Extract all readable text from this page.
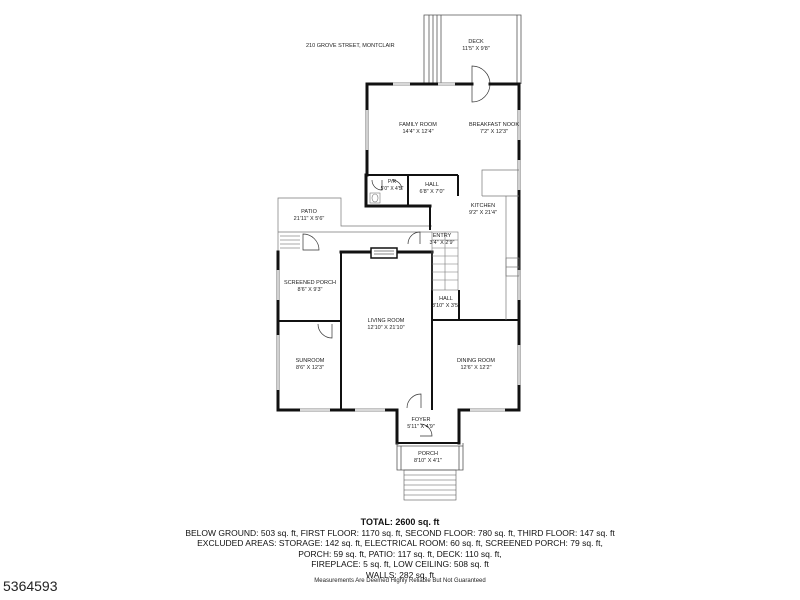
210 GROVE STREET, MONTCLAIR
DECK
11'5" X 9'8"
FAMILY ROOM
14'4" X 12'4"
BREAKFAST NOOK
7'2" X 12'3"
P/R
5'0" X 4'5"
HALL
6'8" X 7'0"
PATIO
21'11" X 5'6"
KITCHEN
9'2" X 21'4"
ENTRY
3'4" X 2'9"
SCREENED PORCH
8'6" X 9'3"
HALL
3'10" X 3'5"
LIVING ROOM
12'10" X 21'10"
SUNROOM
8'6" X 12'3"
DINING ROOM
12'6" X 12'2"
FOYER
5'11" X 4'9"
PORCH
8'10" X 4'1"
TOTAL: 2600 sq. ft
BELOW GROUND: 503 sq. ft, FIRST FLOOR: 1170 sq. ft, SECOND FLOOR: 780 sq. ft, THIRD FLOOR: 147 sq. ft
EXCLUDED AREAS: STORAGE: 142 sq. ft, ELECTRICAL ROOM: 60 sq. ft, SCREENED PORCH: 79 sq. ft,
PORCH: 59 sq. ft, PATIO: 117 sq. ft, DECK: 110 sq. ft,
FIREPLACE: 5 sq. ft, LOW CEILING: 508 sq. ft
WALLS: 282 sq. ft
Measurements Are Deemed Highly Reliable But Not Guaranteed
5364593
